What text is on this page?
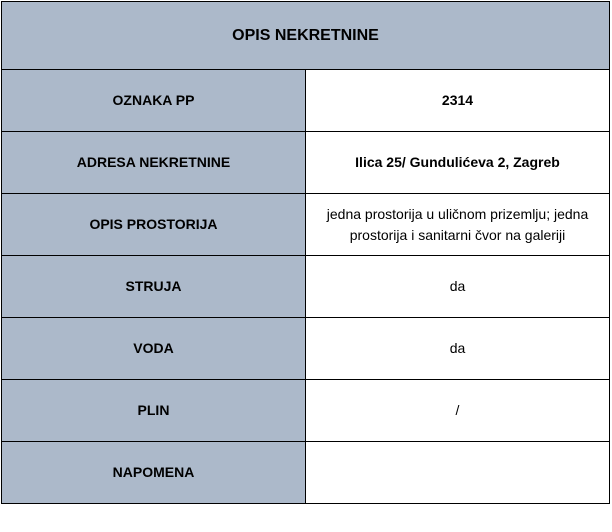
OPIS NEKRETNINE	
OZNAKA PP	2314
ADRESA NEKRETNINE	Ilica 25/ Gundulićeva 2, Zagreb
OPIS PROSTORIJA	jedna prostorija u uličnom prizemlju; jedna prostorija i sanitarni čvor na galeriji
STRUJA	da
VODA	da
PLIN	/
NAPOMENA	
